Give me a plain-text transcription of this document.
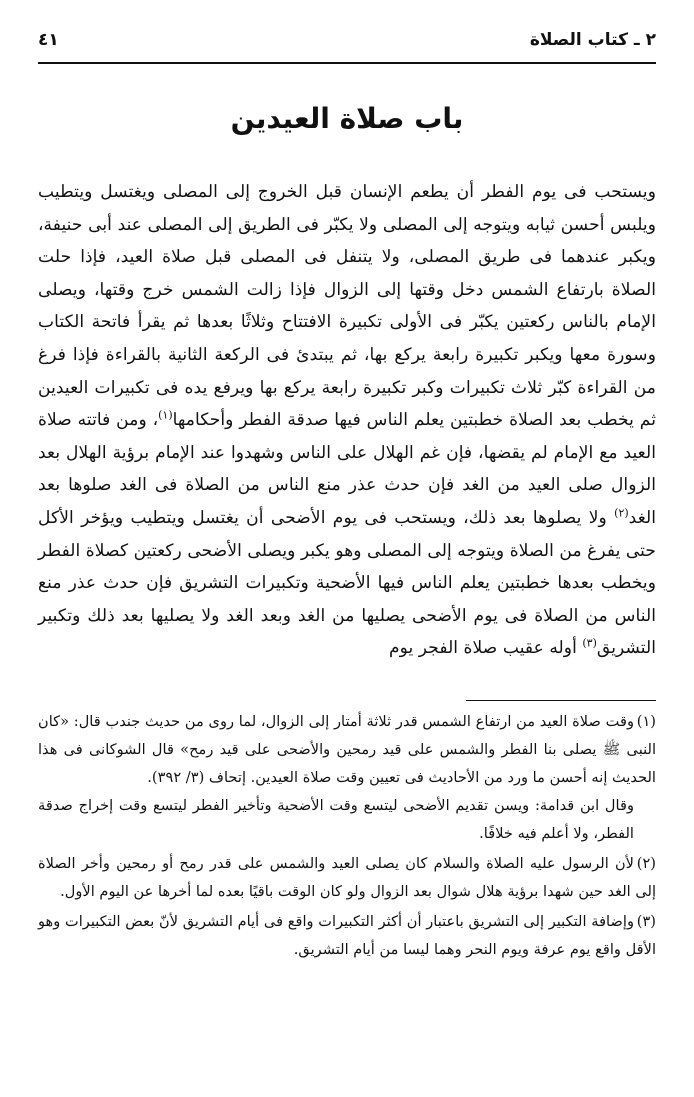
٢ ـ كتاب الصلاة
٤١
باب صلاة العيدين

ويستحب فى يوم الفطر أن يطعم الإنسان قبل الخروج إلى المصلى ويغتسل ويتطيب ويلبس أحسن ثيابه ويتوجه إلى المصلى ولا يكبّر فى الطريق إلى المصلى عند أبى حنيفة، ويكبر عندهما فى طريق المصلى، ولا يتنفل فى المصلى قبل صلاة العيد، فإذا حلت الصلاة بارتفاع الشمس دخل وقتها إلى الزوال فإذا زالت الشمس خرج وقتها، ويصلى الإمام بالناس ركعتين يكبّر فى الأولى تكبيرة الافتتاح وثلاثًا بعدها ثم يقرأ فاتحة الكتاب وسورة معها ويكبر تكبيرة رابعة يركع بها، ثم يبتدئ فى الركعة الثانية بالقراءة فإذا فرغ من القراءة كبّر ثلاث تكبيرات وكبر تكبيرة رابعة يركع بها ويرفع يده فى تكبيرات العيدين ثم يخطب بعد الصلاة خطبتين يعلم الناس فيها صدقة الفطر وأحكامها$^{(١)}$، ومن فاتته صلاة العيد مع الإمام لم يقضها، فإن غم الهلال على الناس وشهدوا عند الإمام برؤية الهلال بعد الزوال صلى العيد من الغد فإن حدث عذر منع الناس من الصلاة فى الغد صلوها بعد الغد$^{(٢)}$ ولا يصلوها بعد ذلك، ويستحب فى يوم الأضحى أن يغتسل ويتطيب ويؤخر الأكل حتى يفرغ من الصلاة ويتوجه إلى المصلى وهو يكبر ويصلى الأضحى ركعتين كصلاة الفطر ويخطب بعدها خطبتين يعلم الناس فيها الأضحية وتكبيرات التشريق فإن حدث عذر منع الناس من الصلاة فى يوم الأضحى يصليها من الغد وبعد الغد ولا يصليها بعد ذلك وتكبير التشريق$^{(٣)}$ أوله عقيب صلاة الفجر يوم

(١)وقت صلاة العيد من ارتفاع الشمس قدر ثلاثة أمتار إلى الزوال، لما روى من حديث جندب قال: «كان النبى ﷺ يصلى بنا الفطر والشمس على قيد رمحين والأضحى على قيد رمح» قال الشوكانى فى هذا الحديث إنه أحسن ما ورد من الأحاديث فى تعيين وقت صلاة العيدين. إتحاف (٣/ ٣٩٢).

وقال ابن قدامة: ويسن تقديم الأضحى ليتسع وقت الأضحية وتأخير الفطر ليتسع وقت إخراج صدقة الفطر، ولا أعلم فيه خلافًا.

(٢)لأن الرسول عليه الصلاة والسلام كان يصلى العيد والشمس على قدر رمح أو رمحين وأخر الصلاة إلى الغد حين شهدا برؤية هلال شوال بعد الزوال ولو كان الوقت باقيًا بعده لما أخرها عن اليوم الأول.
(٣)وإضافة التكبير إلى التشريق باعتبار أن أكثر التكبيرات واقع فى أيام التشريق لأنّ بعض التكبيرات وهو الأقل واقع يوم عرفة ويوم النحر وهما ليسا من أيام التشريق.
